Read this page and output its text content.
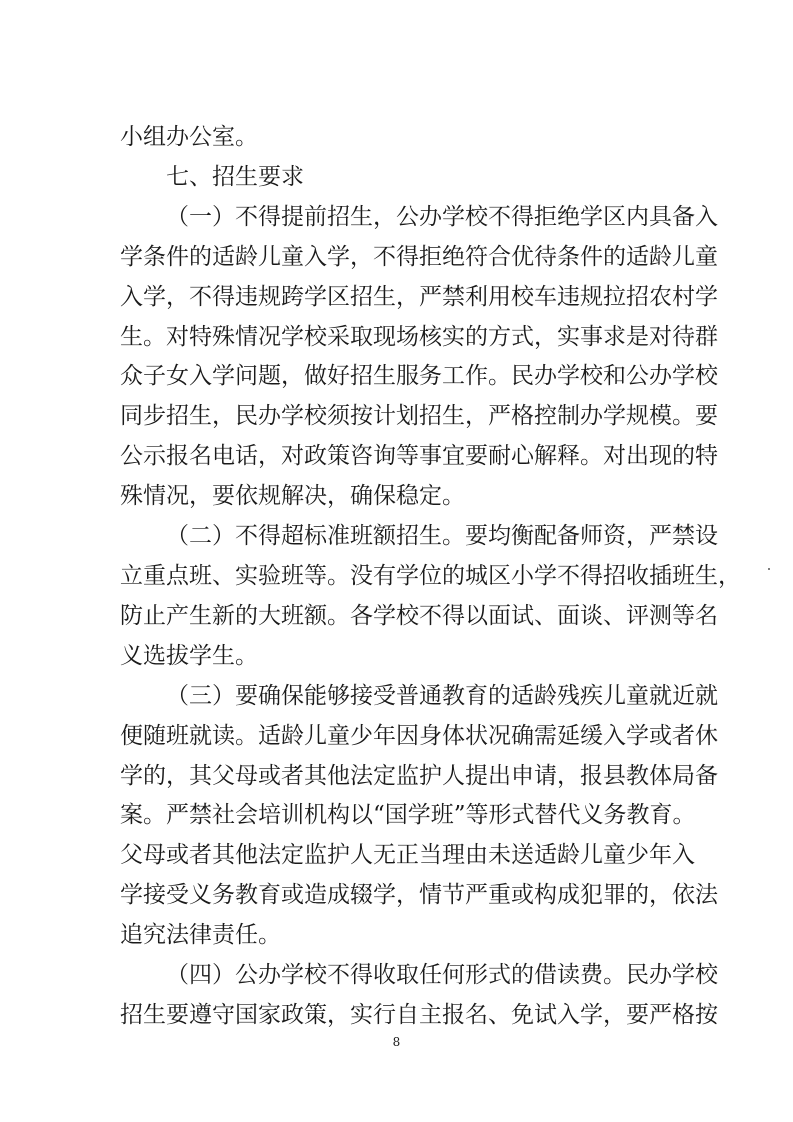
小组办公室。
七、招生要求
（一）不得提前招生，公办学校不得拒绝学区内具备入
学条件的适龄儿童入学，不得拒绝符合优待条件的适龄儿童
入学，不得违规跨学区招生，严禁利用校车违规拉招农村学
生。对特殊情况学校采取现场核实的方式，实事求是对待群
众子女入学问题，做好招生服务工作。民办学校和公办学校
同步招生，民办学校须按计划招生，严格控制办学规模。要
公示报名电话，对政策咨询等事宜要耐心解释。对出现的特
殊情况，要依规解决，确保稳定。
（二）不得超标准班额招生。要均衡配备师资，严禁设
立重点班、实验班等。没有学位的城区小学不得招收插班生，
防止产生新的大班额。各学校不得以面试、面谈、评测等名
义选拔学生。
（三）要确保能够接受普通教育的适龄残疾儿童就近就
便随班就读。适龄儿童少年因身体状况确需延缓入学或者休
学的，其父母或者其他法定监护人提出申请，报县教体局备
案。严禁社会培训机构以“国学班”等形式替代义务教育。
父母或者其他法定监护人无正当理由未送适龄儿童少年入
学接受义务教育或造成辍学，情节严重或构成犯罪的，依法
追究法律责任。
（四）公办学校不得收取任何形式的借读费。民办学校
招生要遵守国家政策，实行自主报名、免试入学，要严格按
8
